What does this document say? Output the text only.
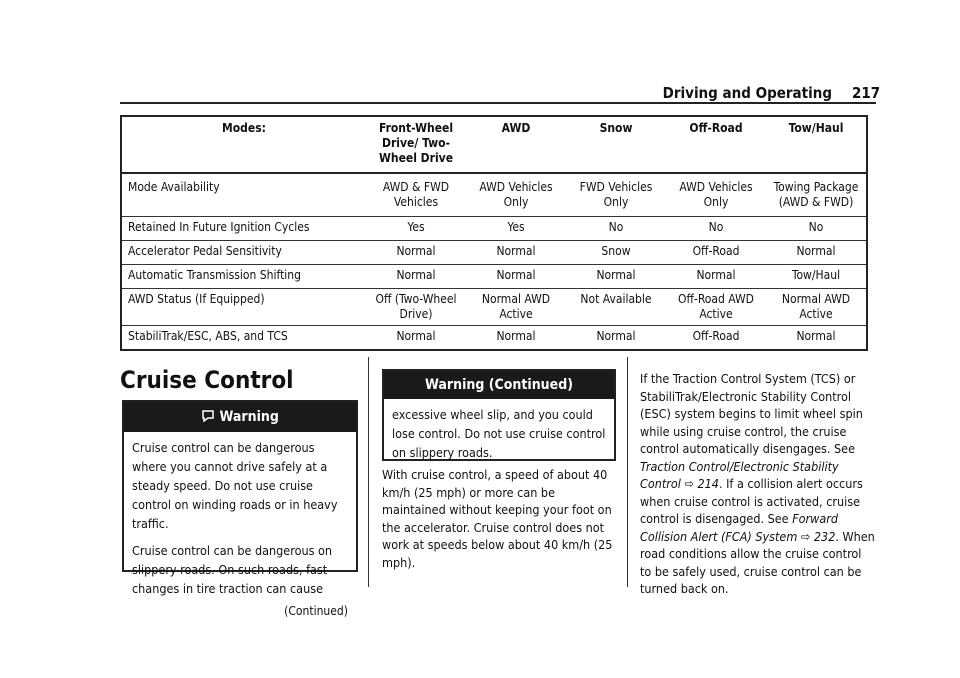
Driving and Operating 217
Modes:	Front-Wheel Drive/ Two-Wheel Drive	AWD	Snow	Off-Road	Tow/Haul
Mode Availability	AWD & FWD Vehicles	AWD Vehicles Only	FWD Vehicles Only	AWD Vehicles Only	Towing Package (AWD & FWD)
Retained In Future Ignition Cycles	Yes	Yes	No	No	No
Accelerator Pedal Sensitivity	Normal	Normal	Snow	Off-Road	Normal
Automatic Transmission Shifting	Normal	Normal	Normal	Normal	Tow/Haul
AWD Status (If Equipped)	Off (Two-Wheel Drive)	Normal AWD Active	Not Available	Off-Road AWD Active	Normal AWD Active
StabiliTrak/ESC, ABS, and TCS	Normal	Normal	Normal	Off-Road	Normal
Cruise Control
Warning

Cruise control can be dangerous where you cannot drive safely at a steady speed. Do not use cruise control on winding roads or in heavy traffic.

Cruise control can be dangerous on slippery roads. On such roads, fast changes in tire traction can cause

(Continued)
Warning (Continued)

excessive wheel slip, and you could lose control. Do not use cruise control on slippery roads.

With cruise control, a speed of about 40 km/h (25 mph) or more can be maintained without keeping your foot on the accelerator. Cruise control does not work at speeds below about 40 km/h (25 mph).
If the Traction Control System (TCS) or StabiliTrak/Electronic Stability Control (ESC) system begins to limit wheel spin while using cruise control, the cruise control automatically disengages. See Traction Control/Electronic Stability Control ⇨ 214. If a collision alert occurs when cruise control is activated, cruise control is disengaged. See Forward Collision Alert (FCA) System ⇨ 232. When road conditions allow the cruise control to be safely used, cruise control can be turned back on.
